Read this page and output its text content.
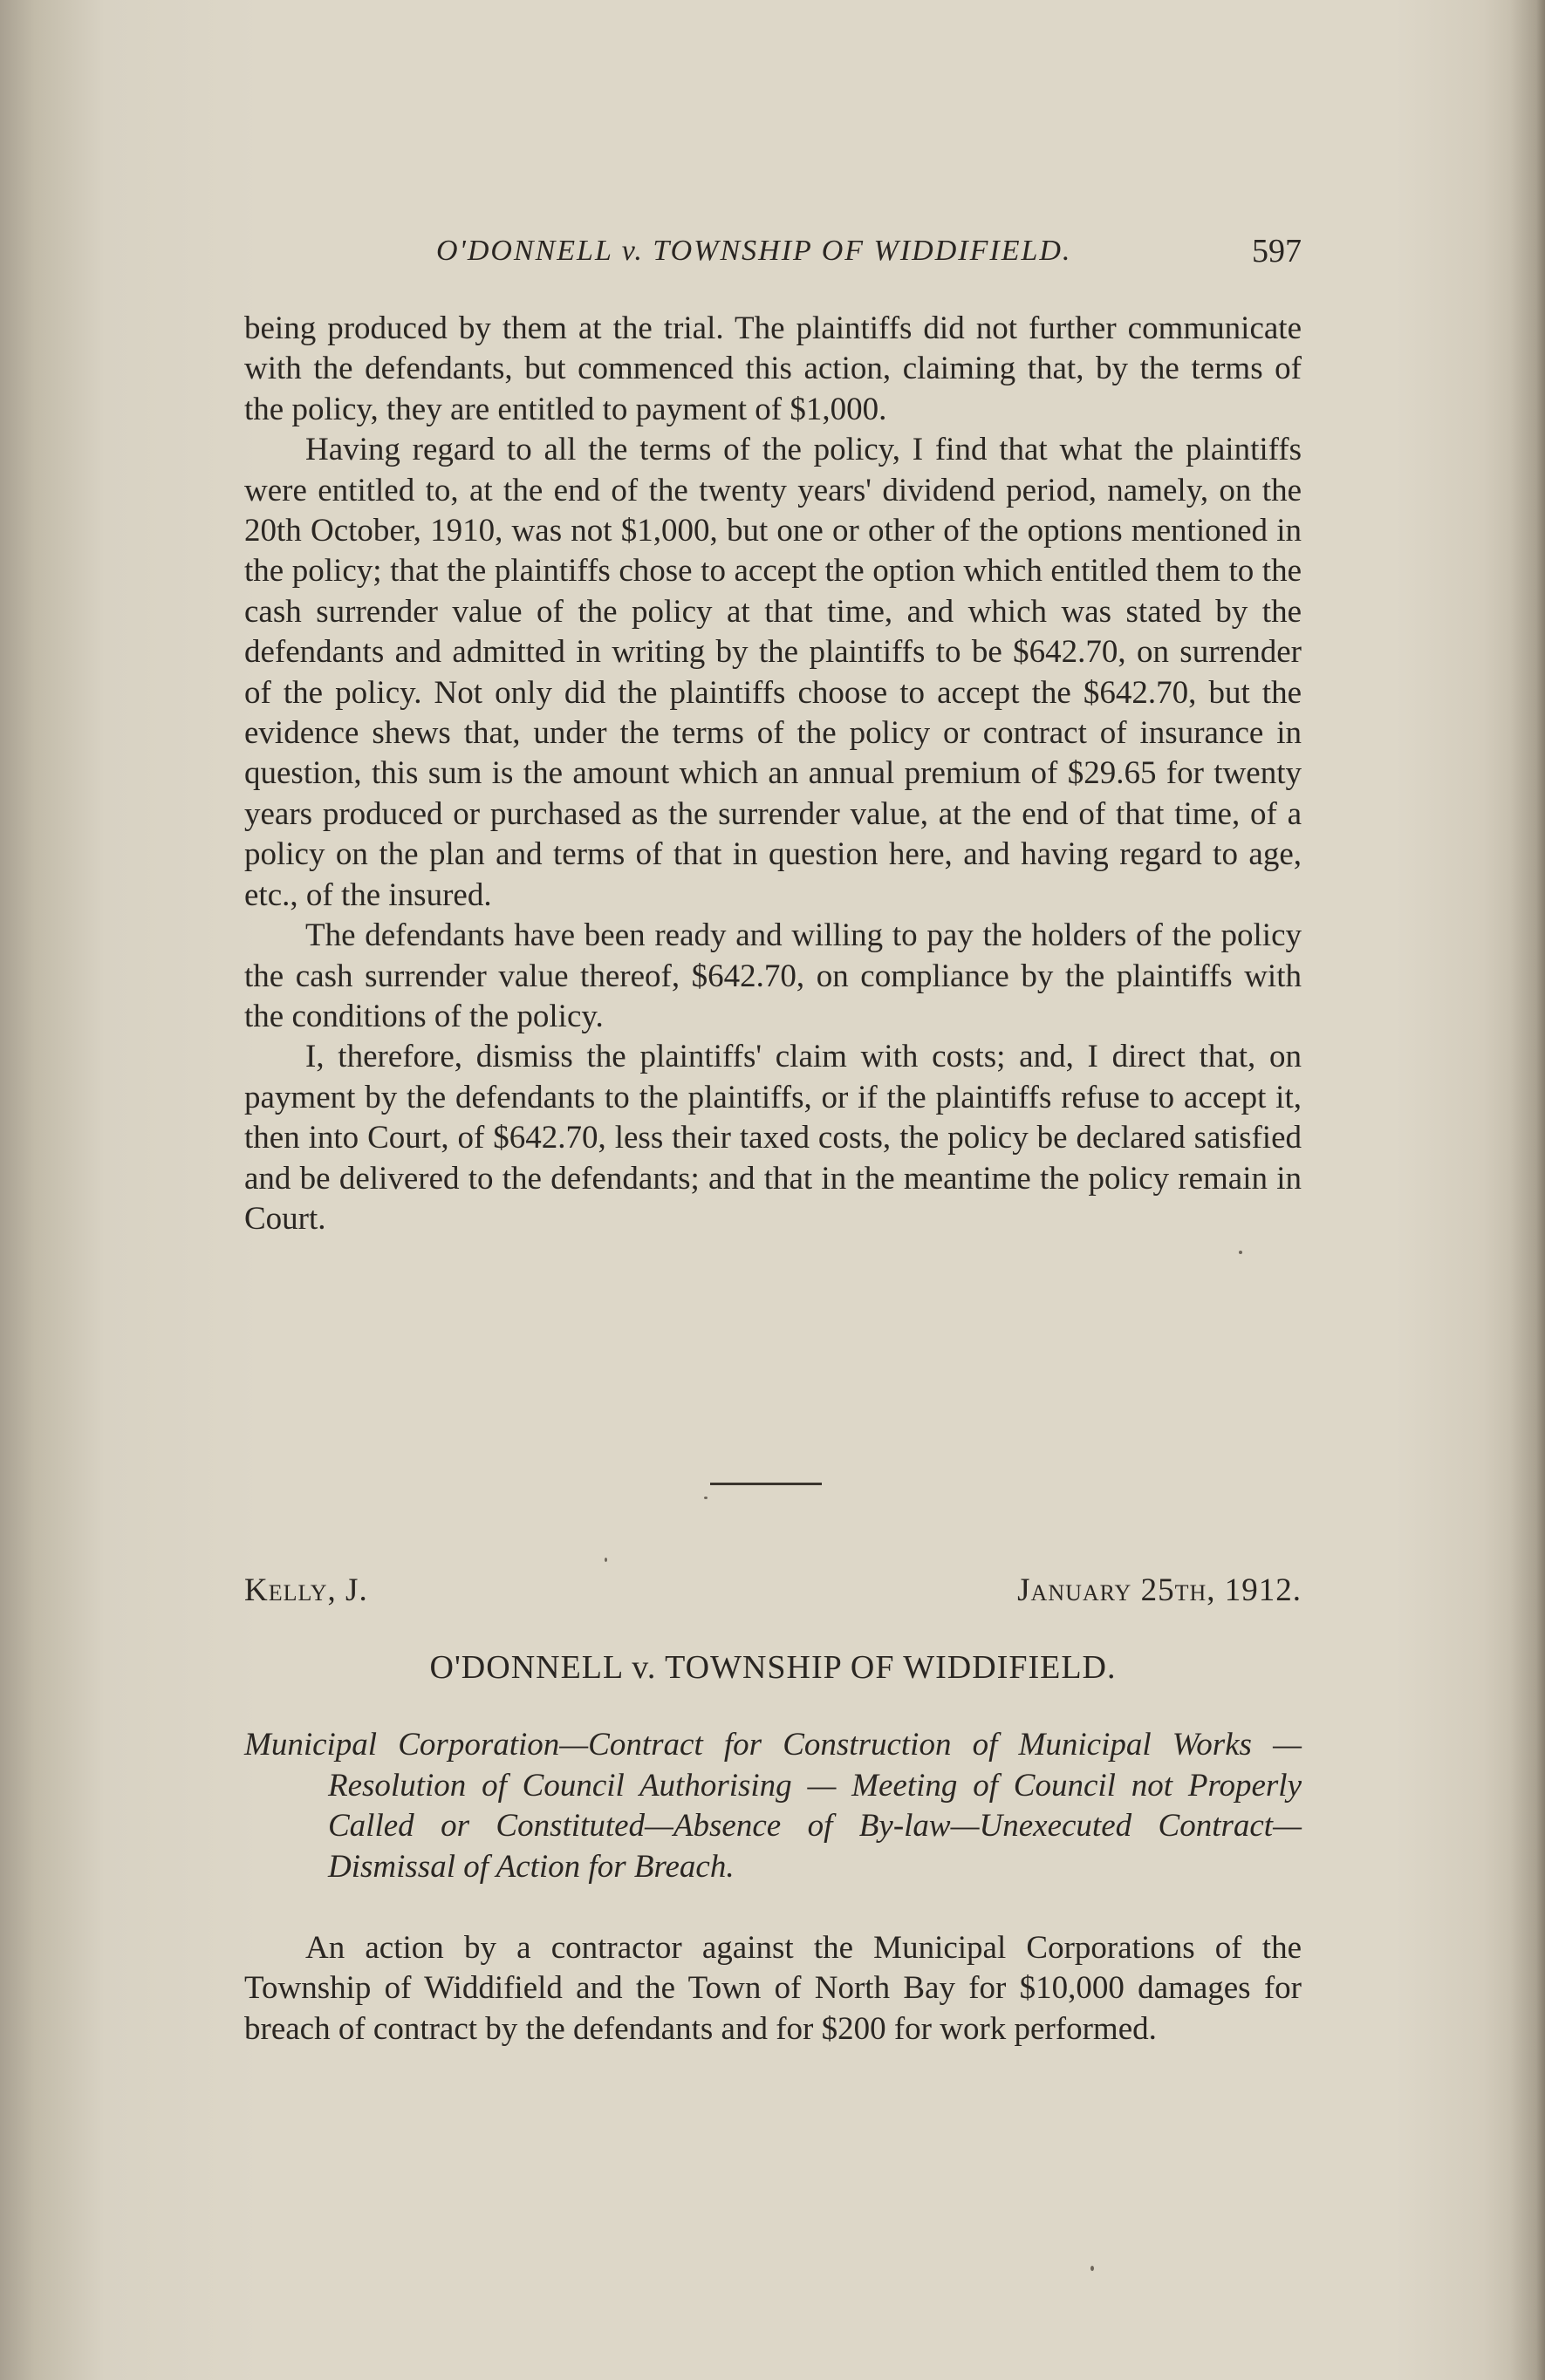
O'DONNELL v. TOWNSHIP OF WIDDIFIELD.	597

being produced by them at the trial. The plaintiffs did not further communicate with the defendants, but commenced this action, claiming that, by the terms of the policy, they are entitled to payment of $1,000.

Having regard to all the terms of the policy, I find that what the plaintiffs were entitled to, at the end of the twenty years' dividend period, namely, on the 20th October, 1910, was not $1,000, but one or other of the options mentioned in the policy; that the plaintiffs chose to accept the option which entitled them to the cash surrender value of the policy at that time, and which was stated by the defendants and admitted in writing by the plaintiffs to be $642.70, on surrender of the policy. Not only did the plaintiffs choose to accept the $642.70, but the evidence shews that, under the terms of the policy or contract of insurance in question, this sum is the amount which an annual premium of $29.65 for twenty years produced or purchased as the surrender value, at the end of that time, of a policy on the plan and terms of that in question here, and having regard to age, etc., of the insured.

The defendants have been ready and willing to pay the holders of the policy the cash surrender value thereof, $642.70, on compliance by the plaintiffs with the conditions of the policy.

I, therefore, dismiss the plaintiffs' claim with costs; and, I direct that, on payment by the defendants to the plaintiffs, or if the plaintiffs refuse to accept it, then into Court, of $642.70, less their taxed costs, the policy be declared satisfied and be delivered to the defendants; and that in the meantime the policy remain in Court.

Kelly, J.	January 25th, 1912.
O'DONNELL v. TOWNSHIP OF WIDDIFIELD.

Municipal Corporation—Contract for Construction of Municipal Works — Resolution of Council Authorising — Meeting of Council not Properly Called or Constituted—Absence of By-law—Unexecuted Contract—Dismissal of Action for Breach.

An action by a contractor against the Municipal Corporations of the Township of Widdifield and the Town of North Bay for $10,000 damages for breach of contract by the defendants and for $200 for work performed.
